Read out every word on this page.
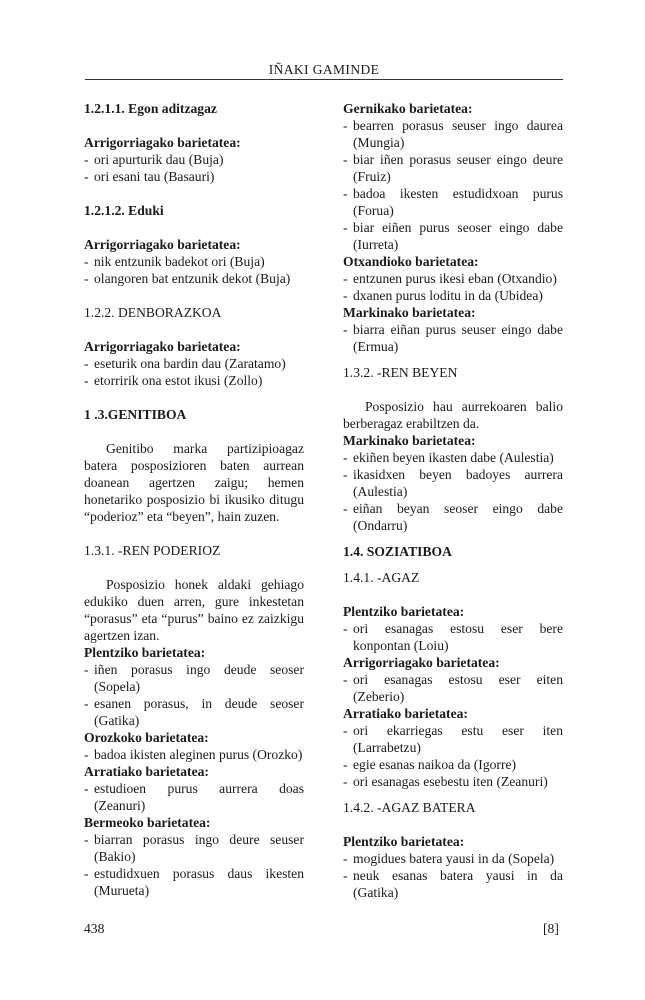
IÑAKI GAMINDE
1.2.1.1. Egon aditzagaz
Arrigorriagako barietatea:
- ori apurturik dau (Buja)
- ori esani tau (Basauri)
1.2.1.2. Eduki
Arrigorriagako barietatea:
- nik entzunik badekot ori (Buja)
- olangoren bat entzunik dekot (Buja)
1.2.2. DENBORAZKOA
Arrigorriagako barietatea:
- eseturik ona bardin dau (Zaratamo)
- etorririk ona estot ikusi (Zollo)
1 .3.GENITIBOA
Genitibo marka partizipioagaz batera posposizioren baten aurrean doanean agertzen zaigu; hemen honetariko posposizio bi ikusiko ditugu “poderioz” eta “beyen”, hain zuzen.
1.3.1. -REN PODERIOZ
Posposizio honek aldaki gehiago edukiko duen arren, gure inkestetan “porasus” eta “purus” baino ez zaizkigu agertzen izan.
Plentziko barietatea:
- iñen porasus ingo deude seoser (Sopela)
- esanen porasus, in deude seoser (Gatika)
Orozkoko barietatea:
- badoa ikisten aleginen purus (Orozko)
Arratiako barietatea:
- estudioen purus aurrera doas (Zeanuri)
Bermeoko barietatea:
- biarran porasus ingo deure seuser (Bakio)
- estudidxuen porasus daus ikesten (Murueta)
Gernikako barietatea:
- bearren porasus seuser ingo daurea (Mungia)
- biar iñen porasus seuser eingo deure (Fruiz)
- badoa ikesten estudidxoan purus (Forua)
- biar eiñen purus seoser eingo dabe (Iurreta)
Otxandioko barietatea:
- entzunen purus ikesi eban (Otxandio)
- dxanen purus loditu in da (Ubidea)
Markinako barietatea:
- biarra eiñan purus seuser eingo dabe (Ermua)
1.3.2. -REN BEYEN
Posposizio hau aurrekoaren balio berberagaz erabiltzen da.
Markinako barietatea:
- ekiñen beyen ikasten dabe (Aulestia)
- ikasidxen beyen badoyes aurrera (Aulestia)
- eiñan beyan seoser eingo dabe (Ondarru)
1.4. SOZIATIBOA
1.4.1. -AGAZ
Plentziko barietatea:
- ori esanagas estosu eser bere konpontan (Loiu)
Arrigorriagako barietatea:
- ori esanagas estosu eser eiten (Zeberio)
Arratiako barietatea:
- ori ekarriegas estu eser iten (Larrabetzu)
- egie esanas naikoa da (Igorre)
- ori esanagas esebestu iten (Zeanuri)
1.4.2. -AGAZ BATERA
Plentziko barietatea:
- mogidues batera yausi in da (Sopela)
- neuk esanas batera yausi in da (Gatika)
438	[8]
